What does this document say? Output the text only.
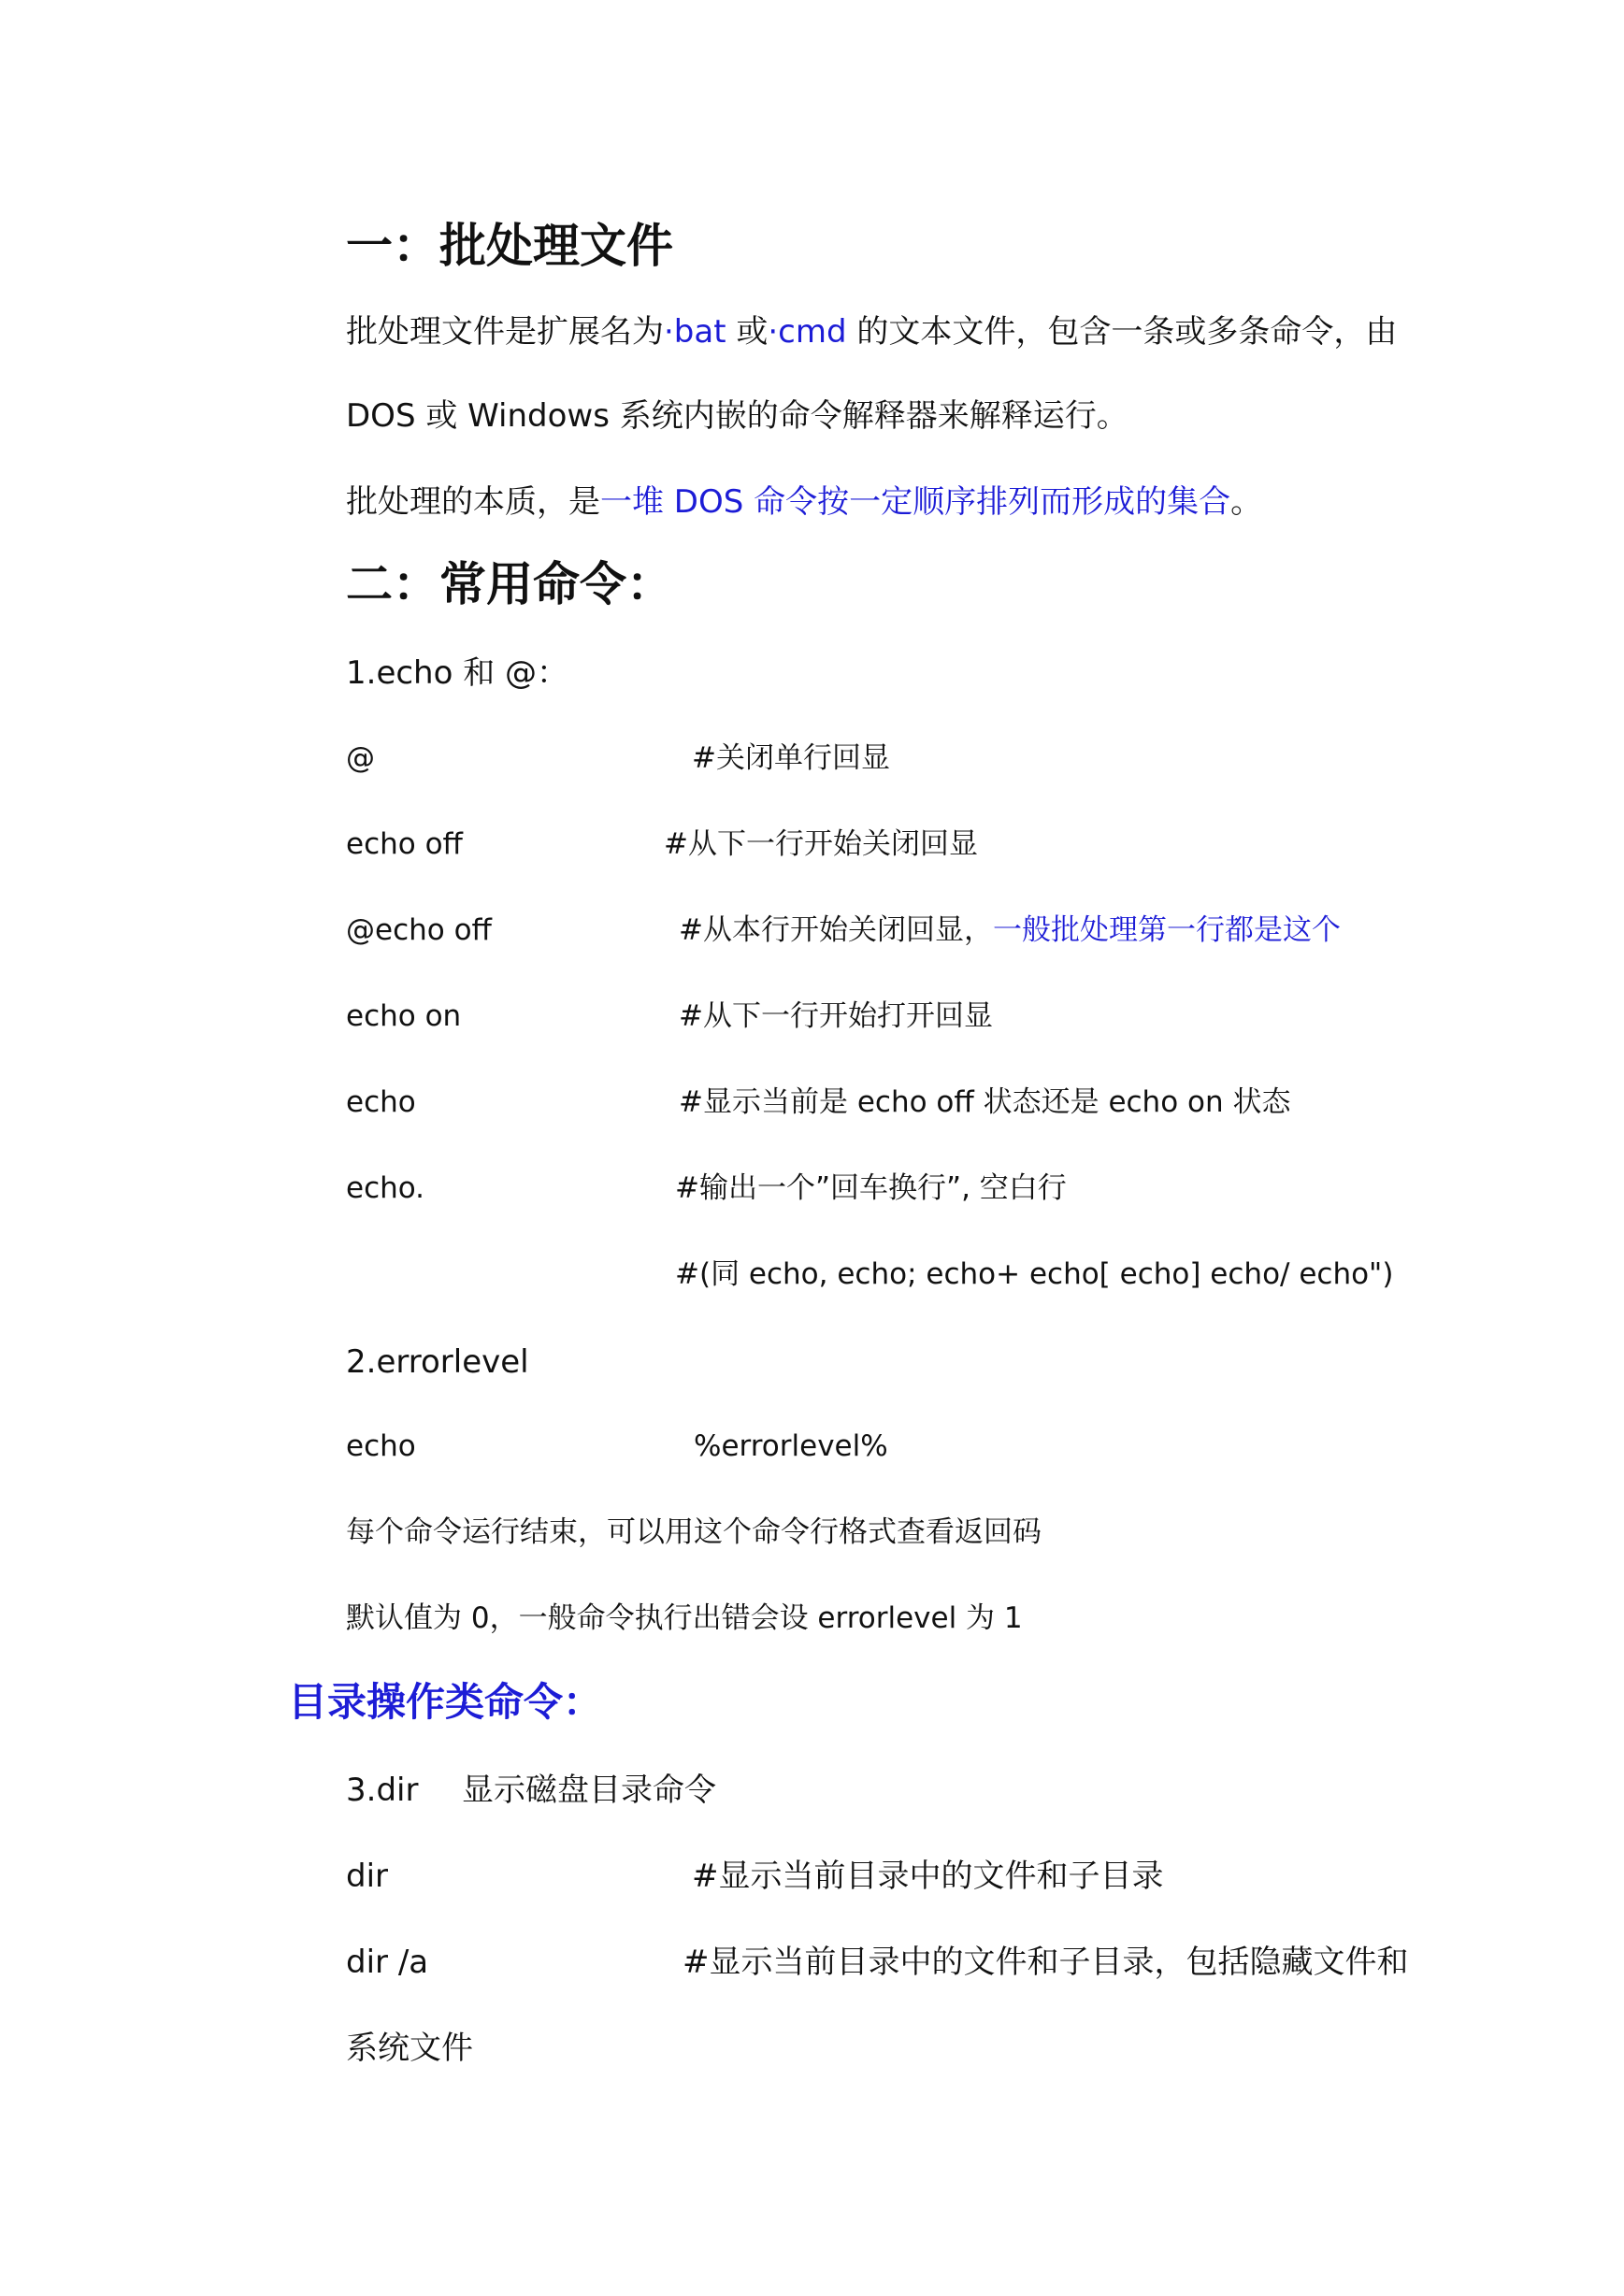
一：批处理文件
批处理文件是扩展名为·bat 或·cmd 的文本文件，包含一条或多条命令，由
DOS 或 Windows 系统内嵌的命令解释器来解释运行。
批处理的本质，是一堆 DOS 命令按一定顺序排列而形成的集合。
二：常用命令：
1.echo 和 @：
@	#关闭单行回显
echo off	#从下一行开始关闭回显
@echo off	#从本行开始关闭回显，一般批处理第一行都是这个
echo on	#从下一行开始打开回显
echo	#显示当前是 echo off 状态还是 echo on 状态
echo.	#输出一个”回车换行”, 空白行
#(同 echo, echo; echo+ echo[ echo] echo/ echo")
2.errorlevel
echo	%errorlevel%
每个命令运行结束，可以用这个命令行格式查看返回码
默认值为 0，一般命令执行出错会设 errorlevel 为 1
目录操作类命令：
3.dir 显示磁盘目录命令
dir	#显示当前目录中的文件和子目录
dir /a	#显示当前目录中的文件和子目录，包括隐藏文件和
系统文件
